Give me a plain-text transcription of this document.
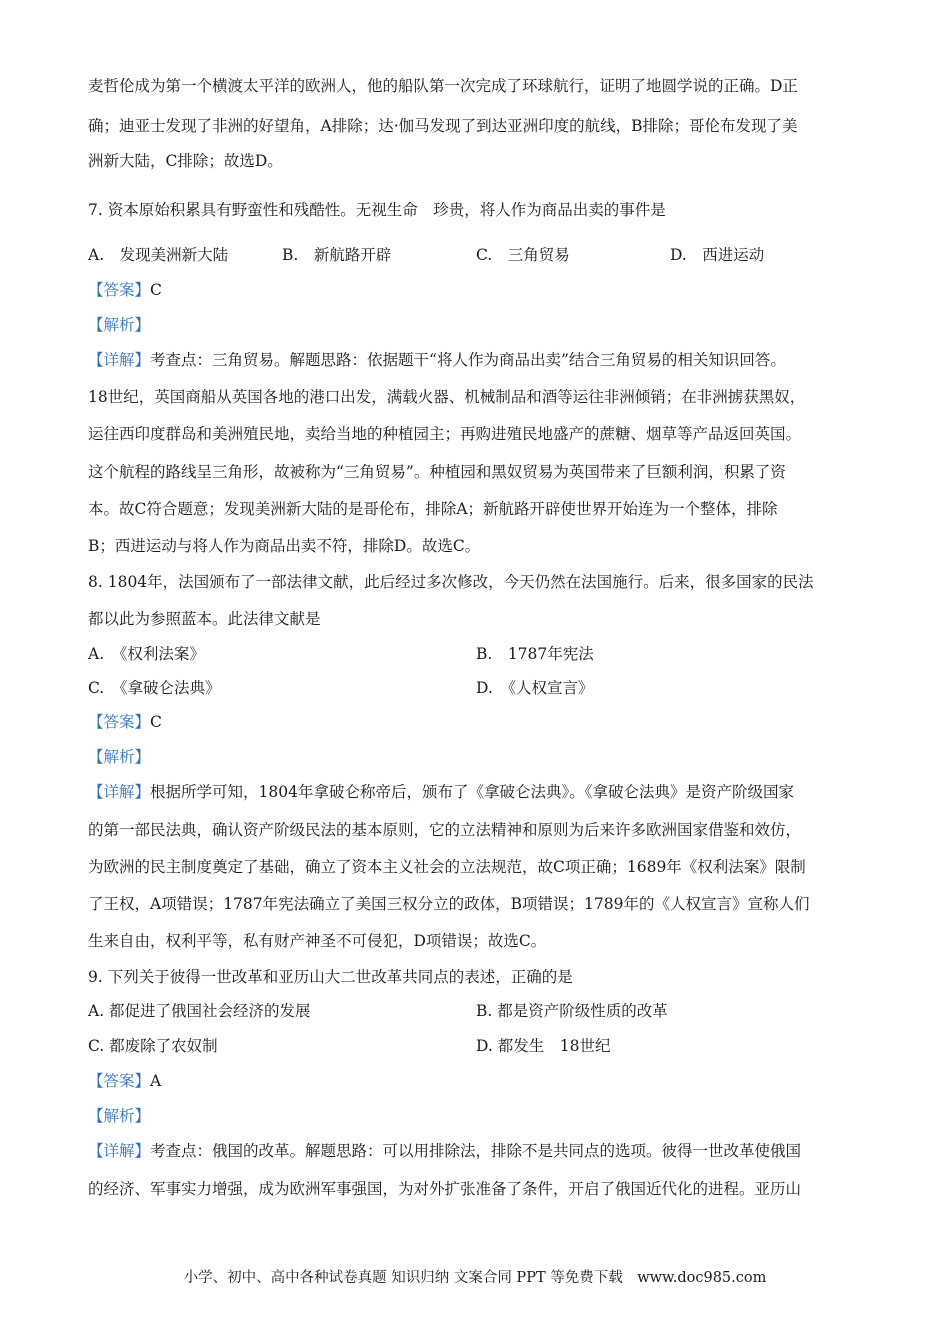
麦哲伦成为第一个横渡太平洋的欧洲人，他的船队第一次完成了环球航行，证明了地圆学说的正确。D正
确；迪亚士发现了非洲的好望角，A排除；达·伽马发现了到达亚洲印度的航线，B排除；哥伦布发现了美
洲新大陆，C排除；故选D。
7. 资本原始积累具有野蛮性和残酷性。无视生命　珍贵，将人作为商品出卖的事件是
A.　发现美洲新大陆	B.　新航路开辟	C.　三角贸易	D.　西进运动
【答案】C
【解析】
【详解】考查点：三角贸易。解题思路：依据题干“将人作为商品出卖”结合三角贸易的相关知识回答。
18世纪，英国商船从英国各地的港口出发，满载火器、机械制品和酒等运往非洲倾销；在非洲掳获黑奴，
运往西印度群岛和美洲殖民地，卖给当地的种植园主；再购进殖民地盛产的蔗糖、烟草等产品返回英国。
这个航程的路线呈三角形，故被称为“三角贸易”。种植园和黑奴贸易为英国带来了巨额利润，积累了资
本。故C符合题意；发现美洲新大陆的是哥伦布，排除A；新航路开辟使世界开始连为一个整体，排除
B；西进运动与将人作为商品出卖不符，排除D。故选C。
8. 1804年，法国颁布了一部法律文献，此后经过多次修改，今天仍然在法国施行。后来，很多国家的民法
都以此为参照蓝本。此法律文献是
A.　《权利法案》	B.　1787年宪法
C.　《拿破仑法典》	D.　《人权宣言》
【答案】C
【解析】
【详解】根据所学可知，1804年拿破仑称帝后，颁布了《拿破仑法典》。《拿破仑法典》是资产阶级国家
的第一部民法典，确认资产阶级民法的基本原则，它的立法精神和原则为后来许多欧洲国家借鉴和效仿，
为欧洲的民主制度奠定了基础，确立了资本主义社会的立法规范，故C项正确；1689年《权利法案》限制
了王权，A项错误；1787年宪法确立了美国三权分立的政体，B项错误；1789年的《人权宣言》宣称人们
生来自由，权利平等，私有财产神圣不可侵犯，D项错误；故选C。
9. 下列关于彼得一世改革和亚历山大二世改革共同点的表述，正确的是
A. 都促进了俄国社会经济的发展	B. 都是资产阶级性质的改革
C. 都废除了农奴制	D. 都发生　18世纪
【答案】A
【解析】
【详解】考查点：俄国的改革。解题思路：可以用排除法，排除不是共同点的选项。彼得一世改革使俄国
的经济、军事实力增强，成为欧洲军事强国，为对外扩张准备了条件，开启了俄国近代化的进程。亚历山
小学、初中、高中各种试卷真题 知识归纳 文案合同 PPT 等免费下载　www.doc985.com
